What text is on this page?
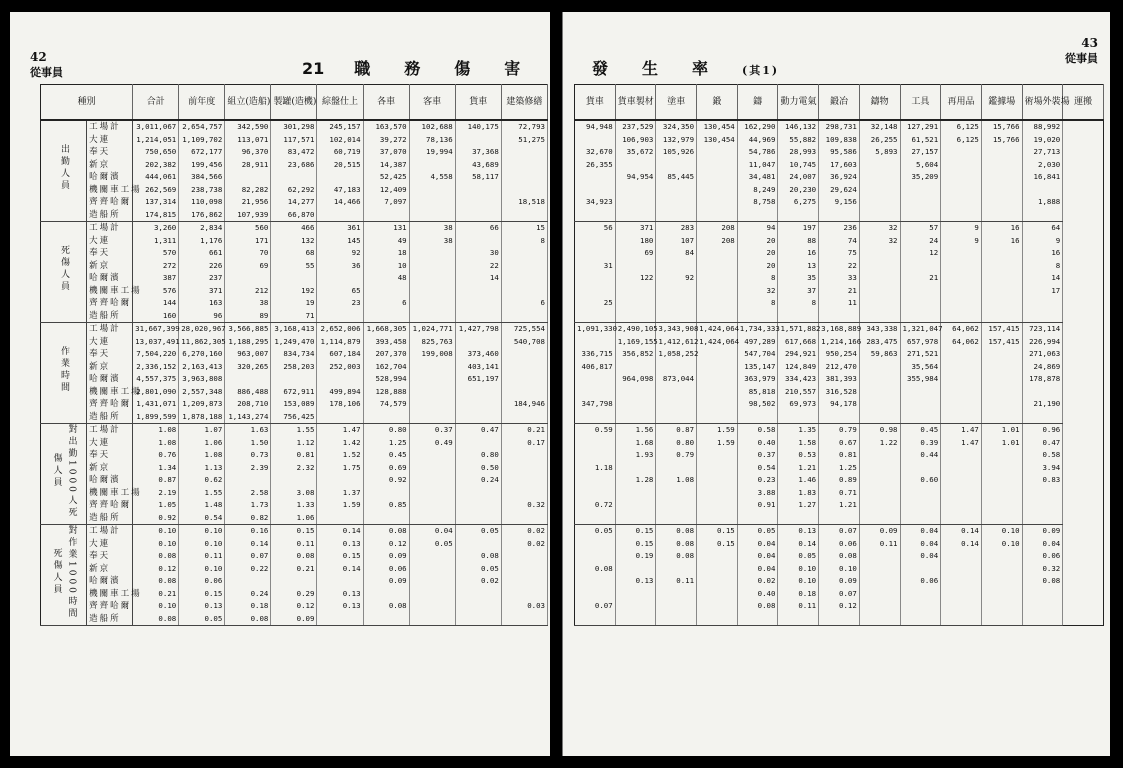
42
從事員	21 職務傷害
種別		合計	前年度	組立(造船)	製罐(造機)	綜盤仕上	各車	客車	貨車	建築修繕
出勤人員	工場計	3,011,067	2,654,757	342,590	301,298	245,157	163,570	102,688	140,175	72,793
	大連	1,214,051	1,109,702	113,071	117,571	102,014	39,272	78,136		51,275
	奉天	750,650	672,177	96,370	83,472	60,719	37,070	19,994	37,368	
	新京	202,382	199,456	28,911	23,686	20,515	14,387		43,689	
	哈爾濱	444,061	384,566				52,425	4,558	58,117	
	機關車工場	262,569	238,738	82,282	62,292	47,183	12,409			
	齊齊哈爾	137,314	110,098	21,956	14,277	14,466	7,097			18,518
	造船所	174,815	176,862	107,939	66,870					
死傷人員	工場計	3,260	2,834	560	466	361	131	38	66	15
	大連	1,311	1,176	171	132	145	49	38		8
	奉天	570	661	70	68	92	18		30	
	新京	272	226	69	55	36	10		22	
	哈爾濱	387	237				48		14	
	機關車工場	576	371	212	192	65				
	齊齊哈爾	144	163	38	19	23	6			6
	造船所	160	96	89	71					
作業時間	工場計	31,667,399	28,020,967	3,566,885	3,168,413	2,652,006	1,668,305	1,024,771	1,427,798	725,554
	大連	13,037,491	11,862,305	1,188,295	1,249,470	1,114,879	393,458	825,763		540,708
	奉天	7,504,220	6,270,160	963,007	834,734	607,184	207,370	199,008	373,460	
	新京	2,336,152	2,163,413	320,265	258,203	252,003	162,704		403,141	
	哈爾濱	4,557,375	3,963,808				528,994		651,197	
	機關車工場	2,801,090	2,557,348	886,488	672,911	499,894	128,888			
	齊齊哈爾	1,431,071	1,209,873	208,710	153,089	178,106	74,579			184,946
	造船所	1,899,599	1,878,188	1,143,274	756,425					
對出勤1000人死傷人員	工場計	1.08	1.07	1.63	1.55	1.47	0.80	0.37	0.47	0.21
	大連	1.08	1.06	1.50	1.12	1.42	1.25	0.49		0.17
	奉天	0.76	1.08	0.73	0.81	1.52	0.45		0.80	
	新京	1.34	1.13	2.39	2.32	1.75	0.69		0.50	
	哈爾濱	0.87	0.62				0.92		0.24	
	機關車工場	2.19	1.55	2.58	3.08	1.37				
	齊齊哈爾	1.05	1.48	1.73	1.33	1.59	0.85			0.32
	造船所	0.92	0.54	0.82	1.06					
對作業1000時間死傷人員	工場計	0.10	0.10	0.16	0.15	0.14	0.08	0.04	0.05	0.02
	大連	0.10	0.10	0.14	0.11	0.13	0.12	0.05		0.02
	奉天	0.08	0.11	0.07	0.08	0.15	0.09		0.08	
	新京	0.12	0.10	0.22	0.21	0.14	0.06		0.05	
	哈爾濱	0.08	0.06				0.09		0.02	
	機關車工場	0.21	0.15	0.24	0.29	0.13				
	齊齊哈爾	0.10	0.13	0.18	0.12	0.13	0.08			0.03
	造船所	0.08	0.05	0.08	0.09					
43
從事員
發生率(其1)
貨車	貨車製材	塗車	鍛	鑄	動力電氣	鍛冶	鑄物	工具	再用品	鑑據場	術場外裝場	運搬
94,948	237,529	324,350	130,454	162,290	146,132	298,731	32,148	127,291	6,125	15,766	88,992	
	106,903	132,979	130,454	44,969	55,882	109,838	26,255	61,521	6,125	15,766	19,020	
32,670	35,672	105,926		54,786	28,993	95,586	5,893	27,157			27,713	
26,355				11,047	10,745	17,603		5,604			2,030	
	94,954	85,445		34,481	24,007	36,924		35,209			16,841	
				8,249	20,230	29,624						
34,923				8,758	6,275	9,156					1,888	

56	371	283	208	94	197	236	32	57	9	16	64	
	180	107	208	20	88	74	32	24	9	16	9	
	69	84		20	16	75		12			16	
31				20	13	22					8	
	122	92		8	35	33		21			14	
				32	37	21					17	
25				8	8	11						

1,091,330	2,490,105	3,343,908	1,424,064	1,734,333	1,571,882	3,168,889	343,338	1,321,047	64,062	157,415	723,114	
	1,169,155	1,412,612	1,424,064	497,289	617,668	1,214,166	283,475	657,978	64,062	157,415	226,994	
336,715	356,852	1,058,252		547,704	294,921	950,254	59,863	271,521			271,063	
406,817				135,147	124,849	212,470		35,564			24,869	
	964,098	873,044		363,979	334,423	381,393		355,984			178,878	
				85,818	210,557	316,528						
347,798				98,502	69,973	94,178					21,190	

0.59	1.56	0.87	1.59	0.58	1.35	0.79	0.98	0.45	1.47	1.01	0.96	
	1.68	0.80	1.59	0.40	1.58	0.67	1.22	0.39	1.47	1.01	0.47	
	1.93	0.79		0.37	0.53	0.81		0.44			0.58	
1.18				0.54	1.21	1.25					3.94	
	1.28	1.08		0.23	1.46	0.89		0.60			0.83	
				3.88	1.83	0.71						
0.72				0.91	1.27	1.21						

0.05	0.15	0.08	0.15	0.05	0.13	0.07	0.09	0.04	0.14	0.10	0.09	
	0.15	0.08	0.15	0.04	0.14	0.06	0.11	0.04	0.14	0.10	0.04	
	0.19	0.08		0.04	0.05	0.08		0.04			0.06	
0.08				0.04	0.10	0.10					0.32	
	0.13	0.11		0.02	0.10	0.09		0.06			0.08	
				0.40	0.18	0.07						
0.07				0.08	0.11	0.12						
